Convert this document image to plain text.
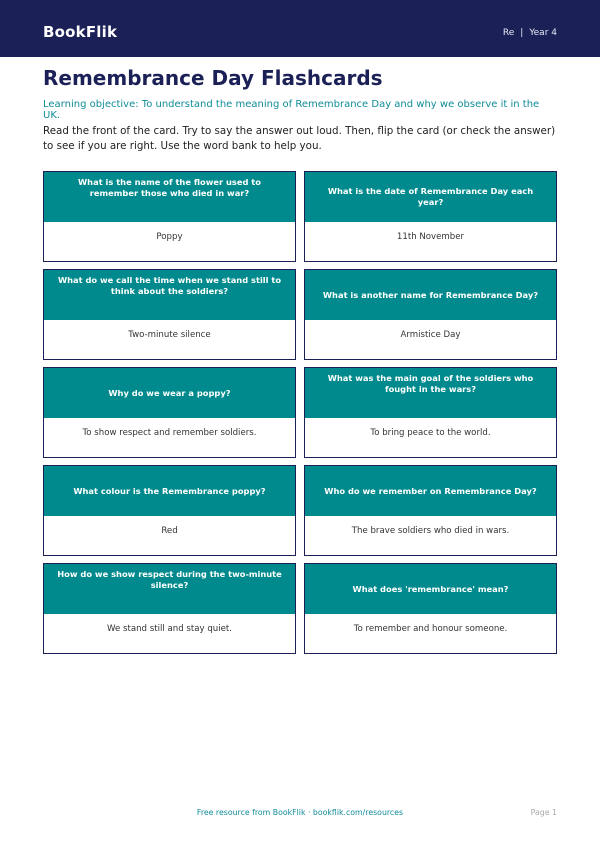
BookFlik	Re | Year 4
Remembrance Day Flashcards
Learning objective: To understand the meaning of Remembrance Day and why we observe it in the UK.
Read the front of the card. Try to say the answer out loud. Then, flip the card (or check the answer) to see if you are right. Use the word bank to help you.
What is the name of the flower used to remember those who died in war?
Poppy
What is the date of Remembrance Day each year?
11th November
What do we call the time when we stand still to think about the soldiers?
Two-minute silence
What is another name for Remembrance Day?
Armistice Day
Why do we wear a poppy?
To show respect and remember soldiers.
What was the main goal of the soldiers who fought in the wars?
To bring peace to the world.
What colour is the Remembrance poppy?
Red
Who do we remember on Remembrance Day?
The brave soldiers who died in wars.
How do we show respect during the two-minute silence?
We stand still and stay quiet.
What does 'remembrance' mean?
To remember and honour someone.
Free resource from BookFlik · bookflik.com/resources	Page 1
